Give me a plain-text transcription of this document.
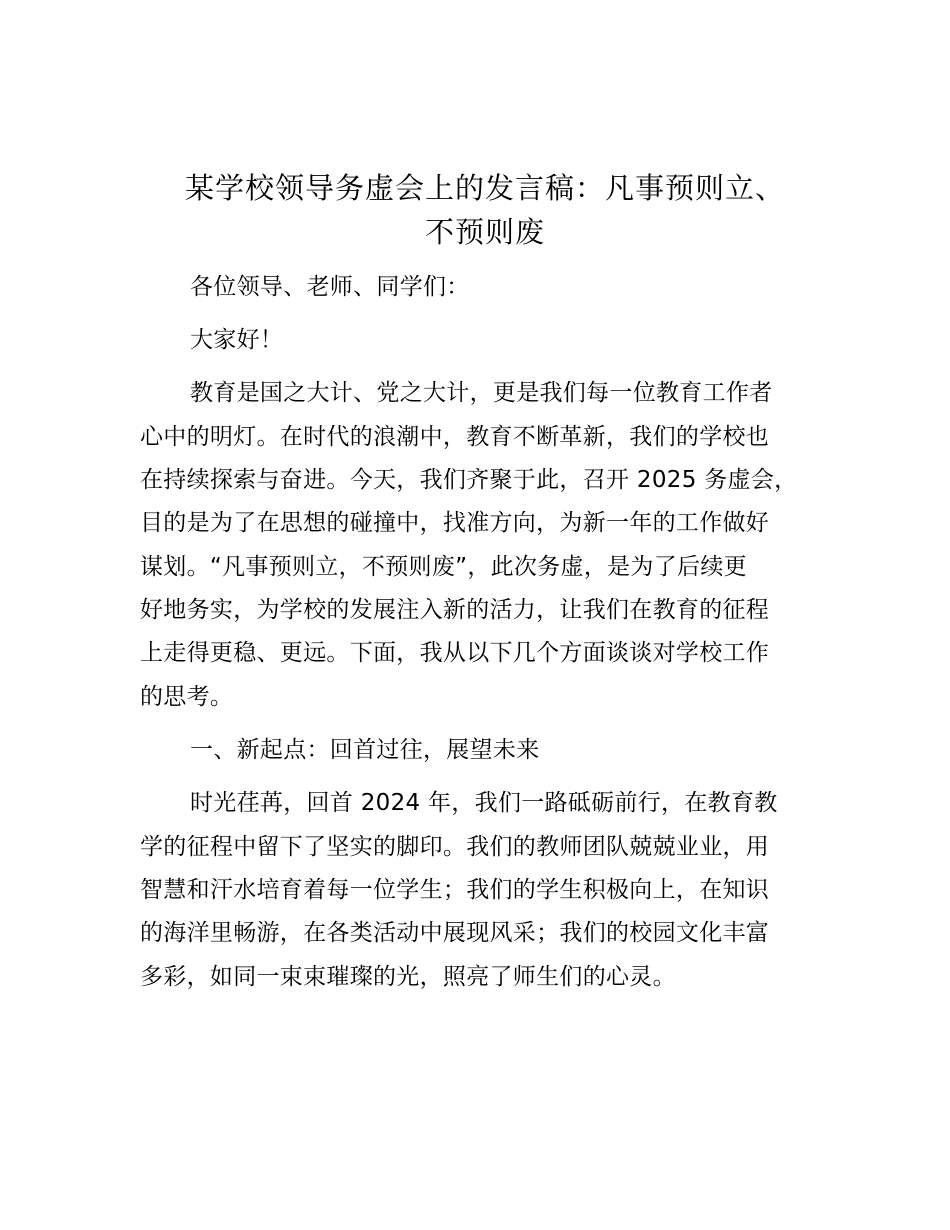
某学校领导务虚会上的发言稿：凡事预则立、
不预则废
各位领导、老师、同学们：
大家好！
教育是国之大计、党之大计，更是我们每一位教育工作者
心中的明灯。在时代的浪潮中，教育不断革新，我们的学校也
在持续探索与奋进。今天，我们齐聚于此，召开 2025 务虚会，
目的是为了在思想的碰撞中，找准方向，为新一年的工作做好
谋划。“凡事预则立，不预则废”，此次务虚，是为了后续更
好地务实，为学校的发展注入新的活力，让我们在教育的征程
上走得更稳、更远。下面，我从以下几个方面谈谈对学校工作
的思考。
一、新起点：回首过往，展望未来
时光荏苒，回首 2024 年，我们一路砥砺前行，在教育教
学的征程中留下了坚实的脚印。我们的教师团队兢兢业业，用
智慧和汗水培育着每一位学生；我们的学生积极向上，在知识
的海洋里畅游，在各类活动中展现风采；我们的校园文化丰富
多彩，如同一束束璀璨的光，照亮了师生们的心灵。
